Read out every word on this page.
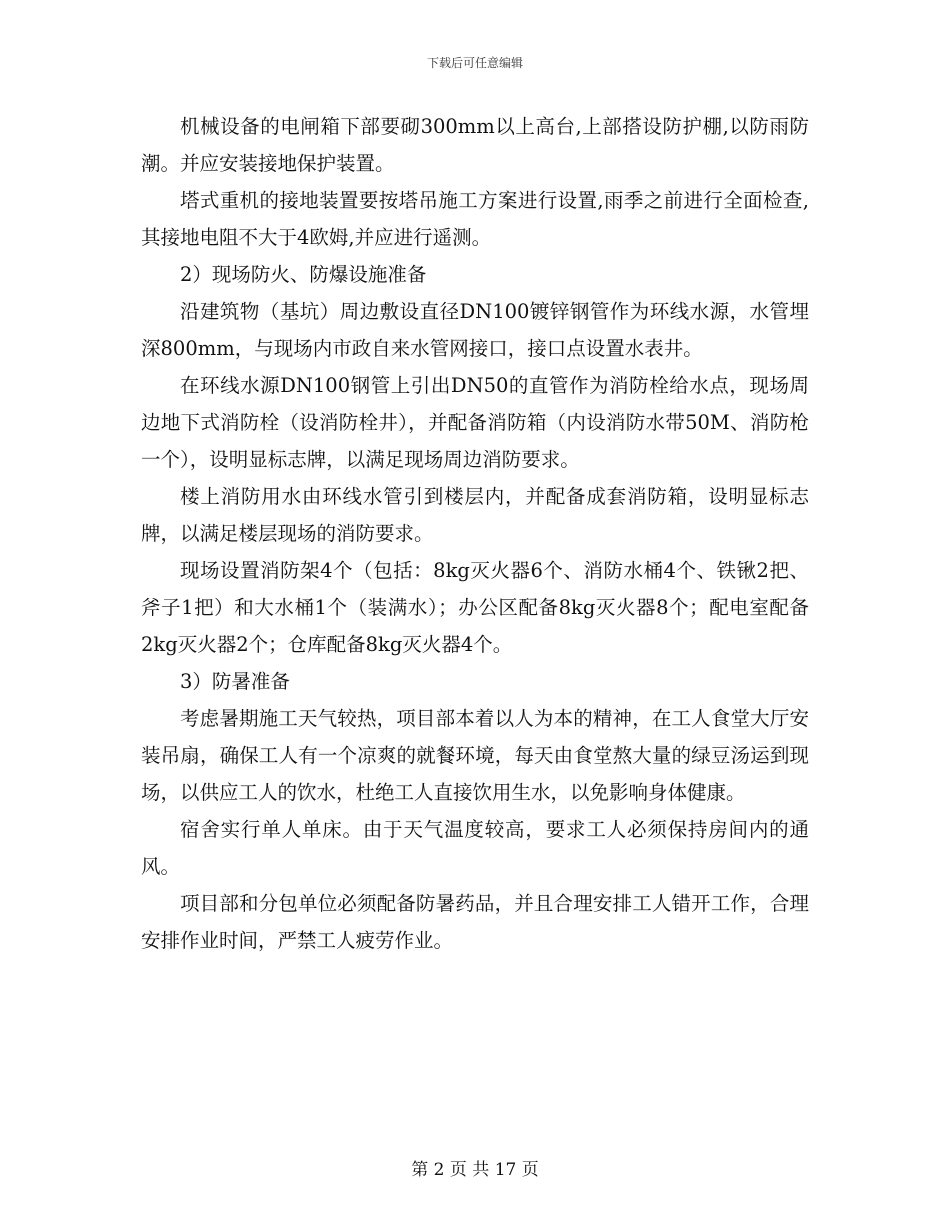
下载后可任意编辑

机械设备的电闸箱下部要砌300mm以上高台,上部搭设防护棚,以防雨防潮。并应安装接地保护装置。

塔式重机的接地装置要按塔吊施工方案进行设置,雨季之前进行全面检查,其接地电阻不大于4欧姆,并应进行遥测。

2）现场防火、防爆设施准备

沿建筑物（基坑）周边敷设直径DN100镀锌钢管作为环线水源，水管埋深800mm，与现场内市政自来水管网接口，接口点设置水表井。

在环线水源DN100钢管上引出DN50的直管作为消防栓给水点，现场周边地下式消防栓（设消防栓井），并配备消防箱（内设消防水带50M、消防枪一个），设明显标志牌，以满足现场周边消防要求。

楼上消防用水由环线水管引到楼层内，并配备成套消防箱，设明显标志牌，以满足楼层现场的消防要求。

现场设置消防架4个（包括：8kg灭火器6个、消防水桶4个、铁锹2把、斧子1把）和大水桶1个（装满水）；办公区配备8kg灭火器8个；配电室配备2kg灭火器2个；仓库配备8kg灭火器4个。

3）防暑准备

考虑暑期施工天气较热，项目部本着以人为本的精神，在工人食堂大厅安装吊扇，确保工人有一个凉爽的就餐环境，每天由食堂熬大量的绿豆汤运到现场，以供应工人的饮水，杜绝工人直接饮用生水，以免影响身体健康。

宿舍实行单人单床。由于天气温度较高，要求工人必须保持房间内的通风。

项目部和分包单位必须配备防暑药品，并且合理安排工人错开工作，合理安排作业时间，严禁工人疲劳作业。

第 2 页 共 17 页
